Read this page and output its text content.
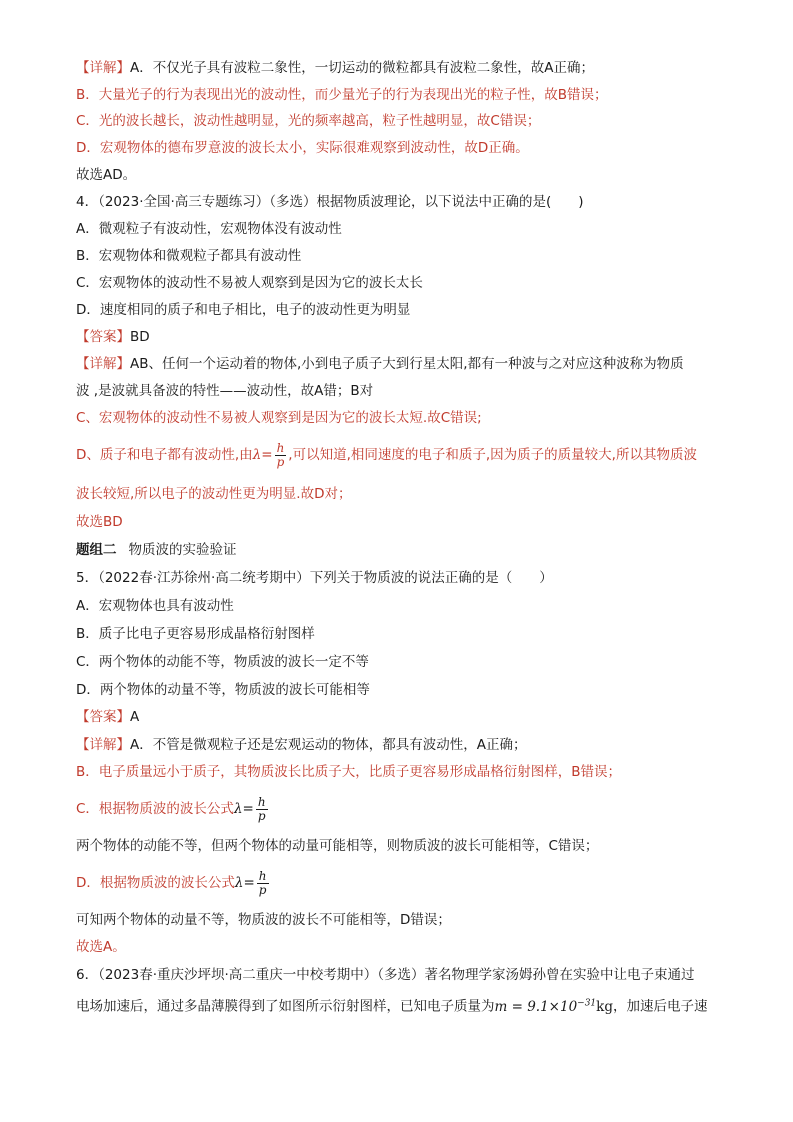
【详解】A．不仅光子具有波粒二象性，一切运动的微粒都具有波粒二象性，故A正确；
B．大量光子的行为表现出光的波动性，而少量光子的行为表现出光的粒子性，故B错误；
C．光的波长越长，波动性越明显，光的频率越高，粒子性越明显，故C错误；
D．宏观物体的德布罗意波的波长太小，实际很难观察到波动性，故D正确。
故选AD。
4．（2023·全国·高三专题练习）（多选）根据物质波理论，以下说法中正确的是(　　)
A．微观粒子有波动性，宏观物体没有波动性
B．宏观物体和微观粒子都具有波动性
C．宏观物体的波动性不易被人观察到是因为它的波长太长
D．速度相同的质子和电子相比，电子的波动性更为明显
【答案】BD
【详解】AB、任何一个运动着的物体,小到电子质子大到行星太阳,都有一种波与之对应这种波称为物质
波 ,是波就具备波的特性——波动性，故A错；B对
C、宏观物体的波动性不易被人观察到是因为它的波长太短.故C错误;
D、质子和电子都有波动性,由$\lambda= \frac{h}{p}$ ,可以知道,相同速度的电子和质子,因为质子的质量较大,所以其物质波
波长较短,所以电子的波动性更为明显.故D对；
故选BD
题组二 物质波的实验验证
5．（2022春·江苏徐州·高二统考期中）下列关于物质波的说法正确的是（　　）
A．宏观物体也具有波动性
B．质子比电子更容易形成晶格衍射图样
C．两个物体的动能不等，物质波的波长一定不等
D．两个物体的动量不等，物质波的波长可能相等
【答案】A
【详解】A．不管是微观粒子还是宏观运动的物体，都具有波动性，A正确；
B．电子质量远小于质子，其物质波长比质子大，比质子更容易形成晶格衍射图样，B错误；
C．根据物质波的波长公式$\lambda= \frac{h}{p}$
两个物体的动能不等，但两个物体的动量可能相等，则物质波的波长可能相等，C错误；
D．根据物质波的波长公式$\lambda= \frac{h}{p}$
可知两个物体的动量不等，物质波的波长不可能相等，D错误；
故选A。
6．（2023春·重庆沙坪坝·高二重庆一中校考期中）（多选）著名物理学家汤姆孙曾在实验中让电子束通过
电场加速后，通过多晶薄膜得到了如图所示衍射图样，已知电子质量为$m = 9.1\times 10^{-31}kg$，加速后电子速
